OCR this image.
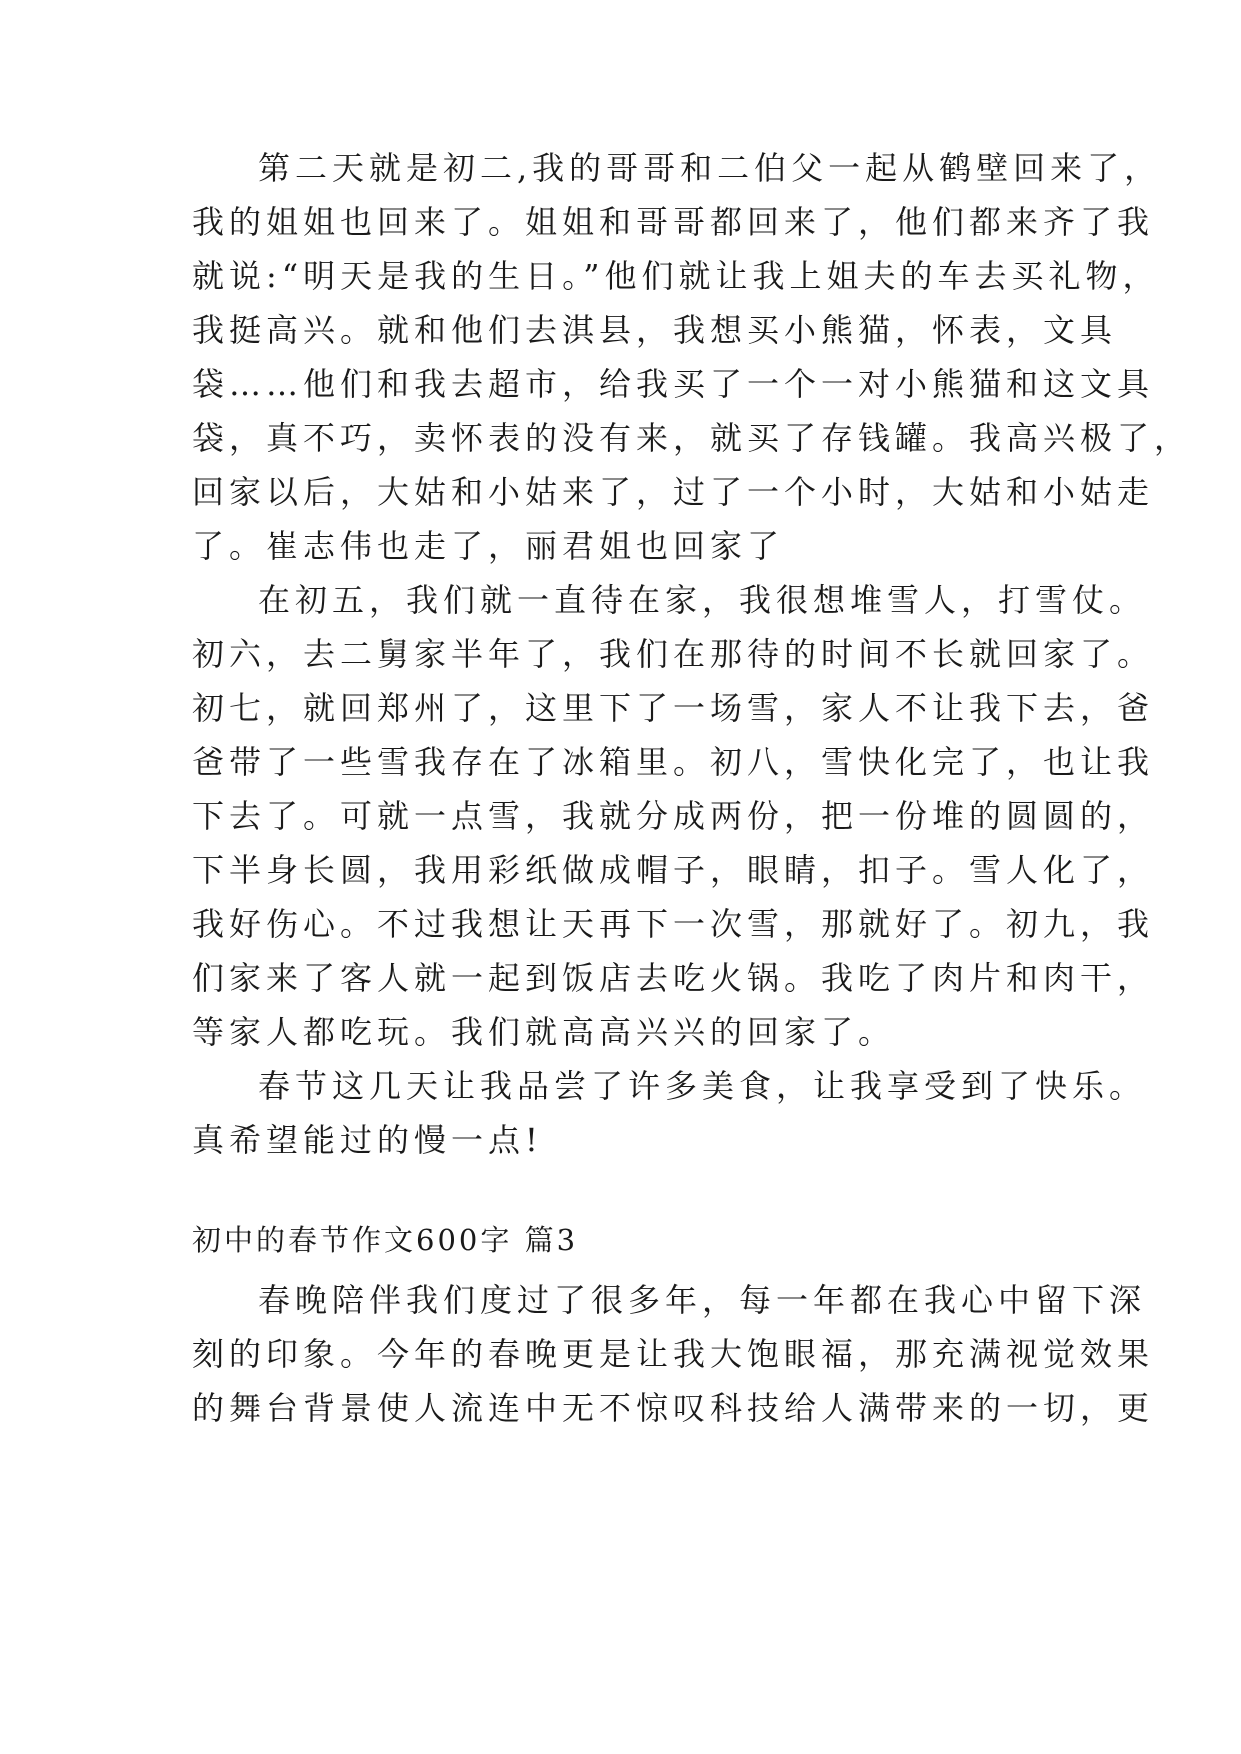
第二天就是初二,我的哥哥和二伯父一起从鹤壁回来了，
我的姐姐也回来了。姐姐和哥哥都回来了，他们都来齐了我
就说:“明天是我的生日。”他们就让我上姐夫的车去买礼物，
我挺高兴。就和他们去淇县，我想买小熊猫，怀表，文具
袋……他们和我去超市，给我买了一个一对小熊猫和这文具
袋，真不巧，卖怀表的没有来，就买了存钱罐。我高兴极了，
回家以后，大姑和小姑来了，过了一个小时，大姑和小姑走
了。崔志伟也走了，丽君姐也回家了
在初五，我们就一直待在家，我很想堆雪人，打雪仗。
初六，去二舅家半年了，我们在那待的时间不长就回家了。
初七，就回郑州了，这里下了一场雪，家人不让我下去，爸
爸带了一些雪我存在了冰箱里。初八，雪快化完了，也让我
下去了。可就一点雪，我就分成两份，把一份堆的圆圆的，
下半身长圆，我用彩纸做成帽子，眼睛，扣子。雪人化了，
我好伤心。不过我想让天再下一次雪，那就好了。初九，我
们家来了客人就一起到饭店去吃火锅。我吃了肉片和肉干，
等家人都吃玩。我们就高高兴兴的回家了。
春节这几天让我品尝了许多美食，让我享受到了快乐。
真希望能过的慢一点!
初中的春节作文600字 篇3
春晚陪伴我们度过了很多年，每一年都在我心中留下深
刻的印象。今年的春晚更是让我大饱眼福，那充满视觉效果
的舞台背景使人流连中无不惊叹科技给人满带来的一切，更
